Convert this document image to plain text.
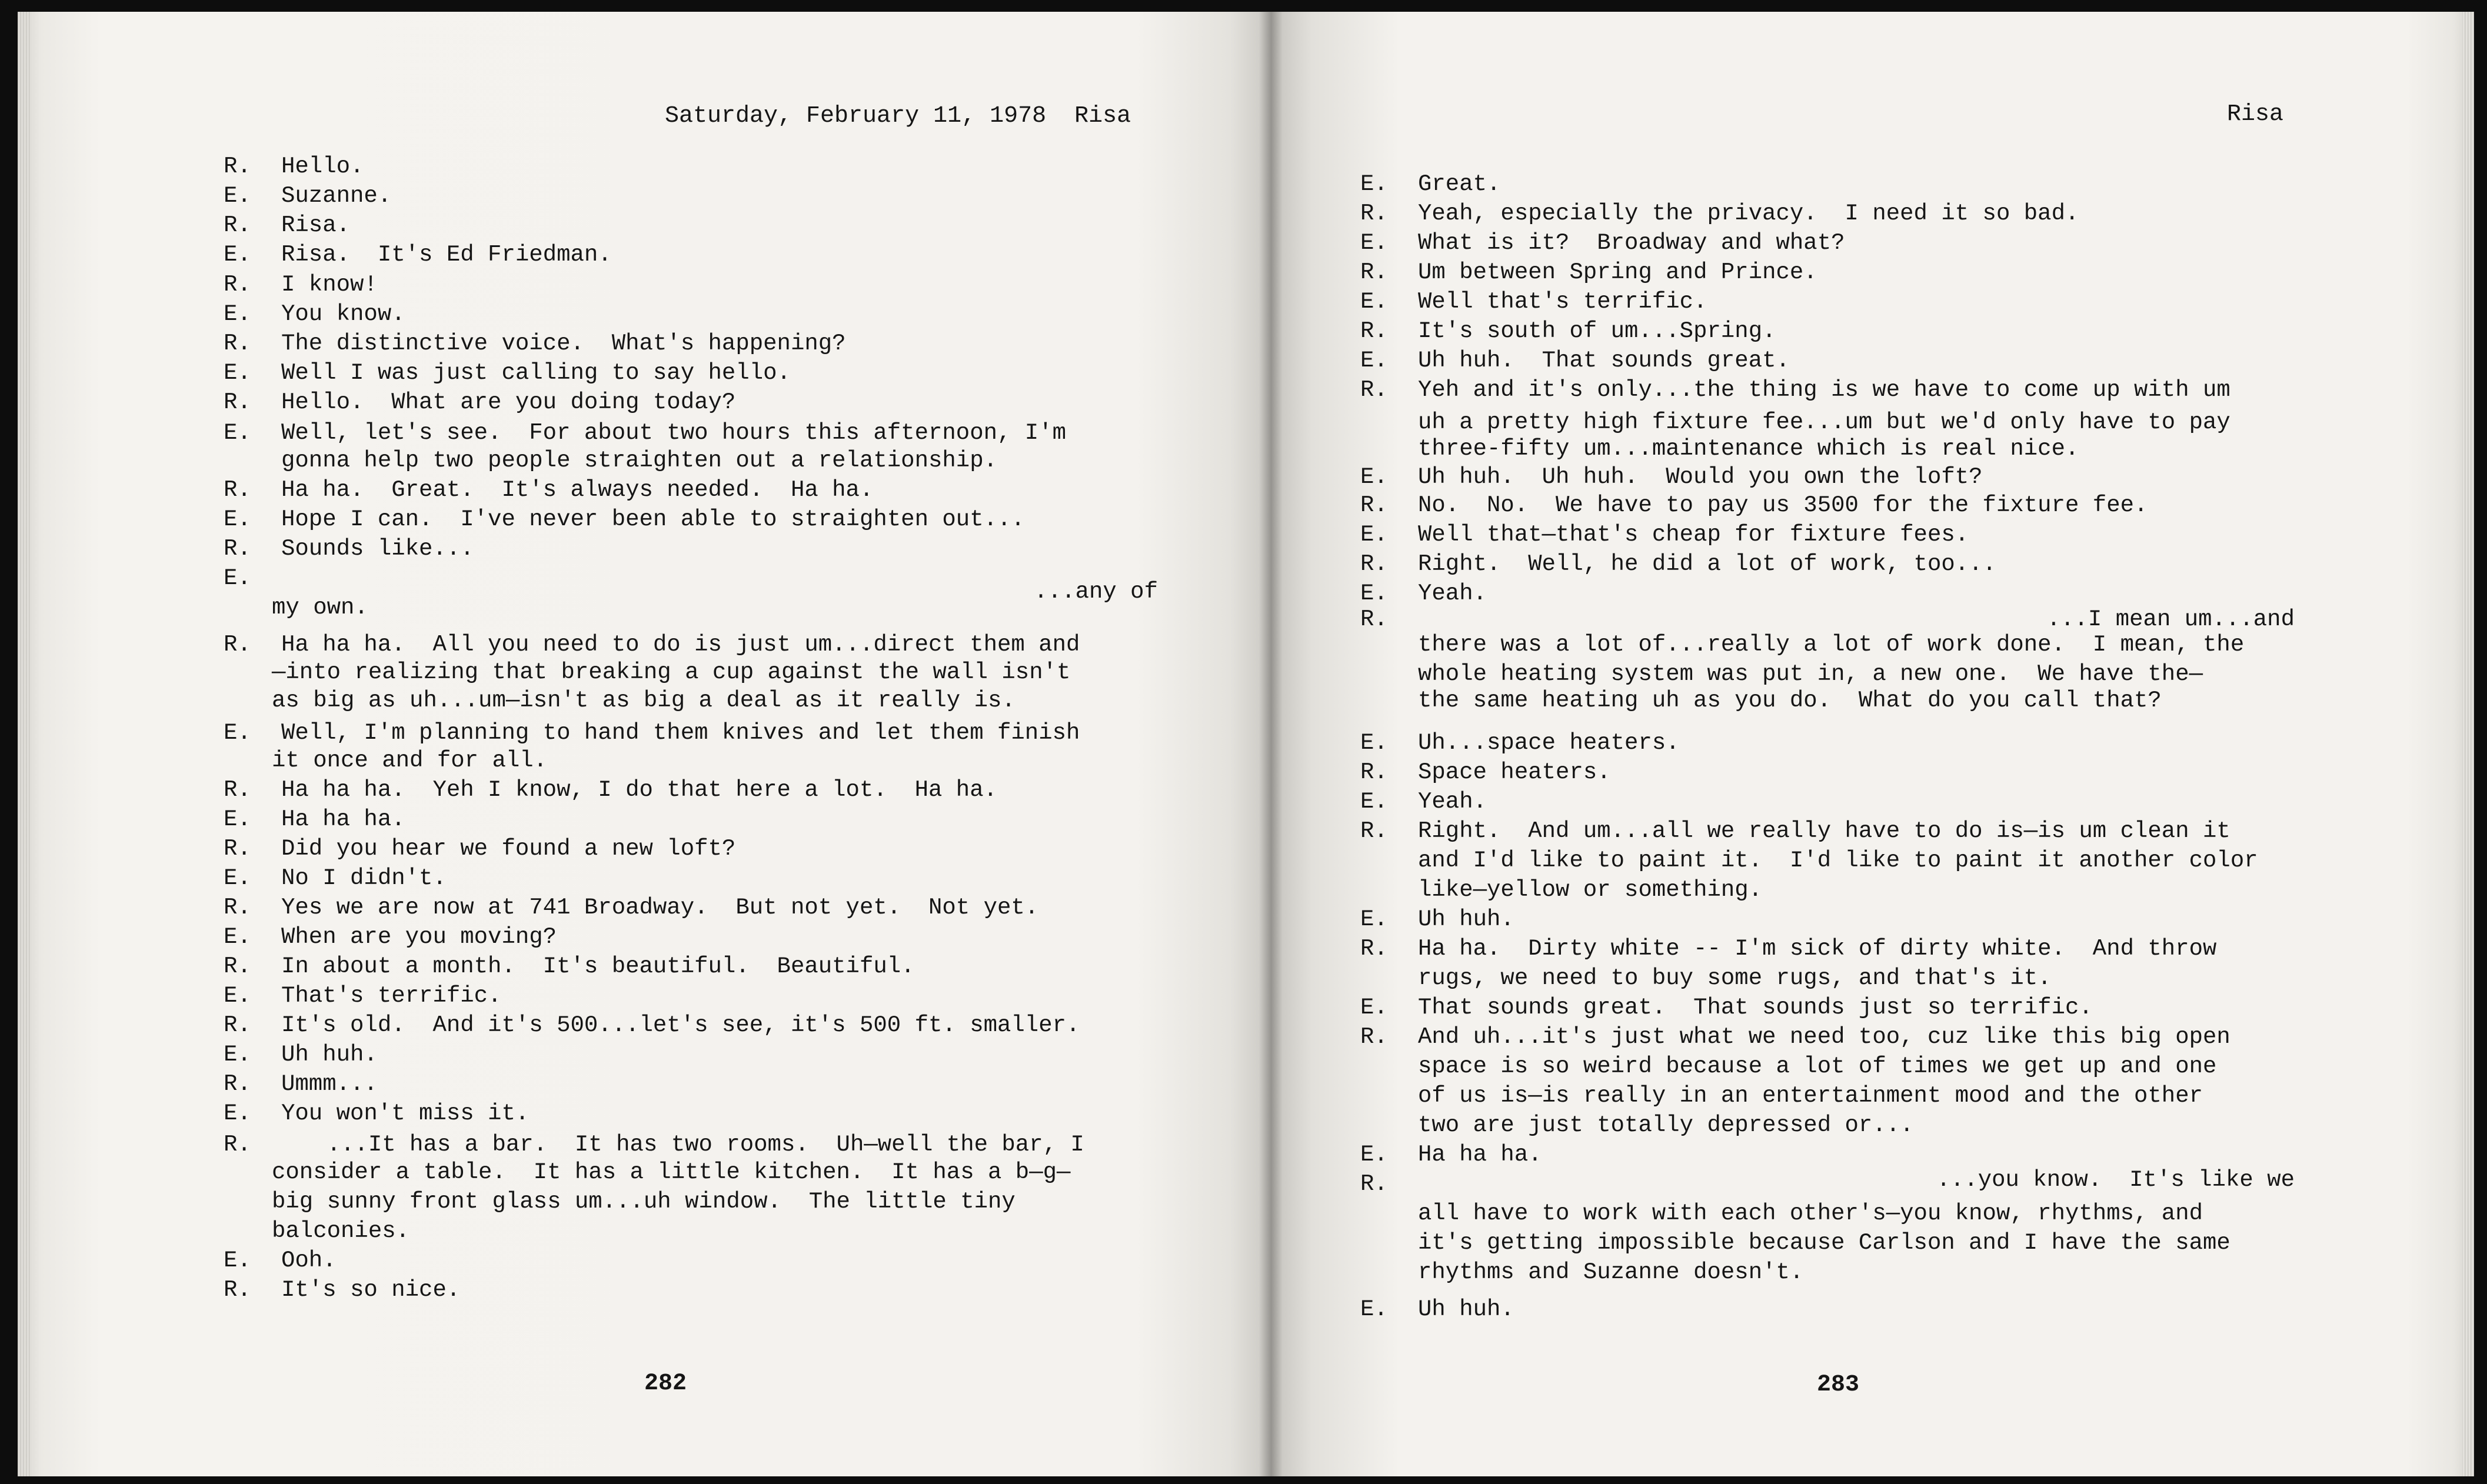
Saturday, February 11, 1978  Risa	Risa
282	283
R. Hello.
E. Suzanne.
R. Risa.
E. Risa.  It's Ed Friedman.
R. I know!
E. You know.
R. The distinctive voice.  What's happening?
E. Well I was just calling to say hello.
R. Hello.  What are you doing today?
E. Well, let's see.  For about two hours this afternoon, I'm
gonna help two people straighten out a relationship.
R. Ha ha.  Great.  It's always needed.  Ha ha.
E. Hope I can.  I've never been able to straighten out...
R. Sounds like...
E.
...any of
my own.
R. Ha ha ha.  All you need to do is just um...direct them and
—into realizing that breaking a cup against the wall isn't
as big as uh...um—isn't as big a deal as it really is.
E. Well, I'm planning to hand them knives and let them finish
it once and for all.
R. Ha ha ha.  Yeh I know, I do that here a lot.  Ha ha.
E. Ha ha ha.
R. Did you hear we found a new loft?
E. No I didn't.
R. Yes we are now at 741 Broadway.  But not yet.  Not yet.
E. When are you moving?
R. In about a month.  It's beautiful.  Beautiful.
E. That's terrific.
R. It's old.  And it's 500...let's see, it's 500 ft. smaller.
E. Uh huh.
R. Ummm...
E. You won't miss it.
R. ...It has a bar.  It has two rooms.  Uh—well the bar, I
consider a table.  It has a little kitchen.  It has a b—g—
big sunny front glass um...uh window.  The little tiny
balconies.
E. Ooh.
R. It's so nice.
E. Great.
R. Yeah, especially the privacy.  I need it so bad.
E. What is it?  Broadway and what?
R. Um between Spring and Prince.
E. Well that's terrific.
R. It's south of um...Spring.
E. Uh huh.  That sounds great.
R. Yeh and it's only...the thing is we have to come up with um
uh a pretty high fixture fee...um but we'd only have to pay
three-fifty um...maintenance which is real nice.
E. Uh huh.  Uh huh.  Would you own the loft?
R. No.  No.  We have to pay us 3500 for the fixture fee.
E. Well that—that's cheap for fixture fees.
R. Right.  Well, he did a lot of work, too...
E. Yeah.
R.	...I mean um...and
there was a lot of...really a lot of work done.  I mean, the
whole heating system was put in, a new one.  We have the—
the same heating uh as you do.  What do you call that?
E. Uh...space heaters.
R. Space heaters.
E. Yeah.
R. Right.  And um...all we really have to do is—is um clean it
and I'd like to paint it.  I'd like to paint it another color
like—yellow or something.
E. Uh huh.
R. Ha ha.  Dirty white -- I'm sick of dirty white.  And throw
rugs, we need to buy some rugs, and that's it.
E. That sounds great.  That sounds just so terrific.
R. And uh...it's just what we need too, cuz like this big open
space is so weird because a lot of times we get up and one
of us is—is really in an entertainment mood and the other
two are just totally depressed or...
E. Ha ha ha.
R.	...you know.  It's like we
all have to work with each other's—you know, rhythms, and
it's getting impossible because Carlson and I have the same
rhythms and Suzanne doesn't.
E. Uh huh.
